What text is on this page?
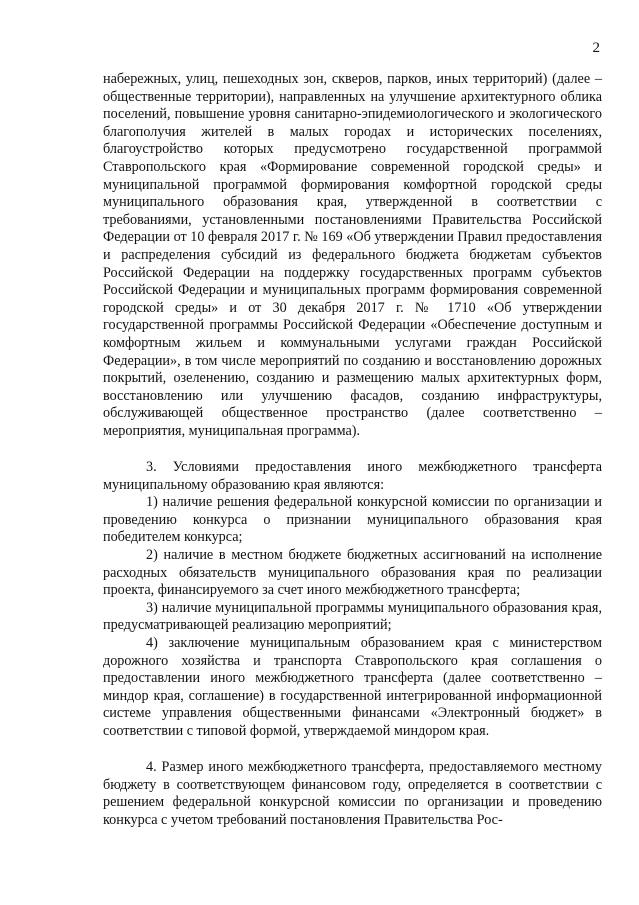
2

набережных, улиц, пешеходных зон, скверов, парков, иных территорий) (далее – общественные территории), направленных на улучшение архитектурного облика поселений, повышение уровня санитарно-эпидемиологического и экологического благополучия жителей в малых городах и исторических поселениях, благоустройство которых предусмотрено государственной программой Ставропольского края «Формирование современной городской среды» и муниципальной программой формирования комфортной городской среды муниципального образования края, утвержденной в соответствии с требованиями, установленными постановлениями Правительства Российской Федерации от 10 февраля 2017 г. № 169 «Об утверждении Правил предоставления и распределения субсидий из федерального бюджета бюджетам субъектов Российской Федерации на поддержку государственных программ субъектов Российской Федерации и муниципальных программ формирования современной городской среды» и от 30 декабря 2017 г. № 1710 «Об утверждении государственной программы Российской Федерации «Обеспечение доступным и комфортным жильем и коммунальными услугами граждан Российской Федерации», в том числе мероприятий по созданию и восстановлению дорожных покрытий, озеленению, созданию и размещению малых архитектурных форм, восстановлению или улучшению фасадов, созданию инфраструктуры, обслуживающей общественное пространство (далее соответственно – мероприятия, муниципальная программа).

3. Условиями предоставления иного межбюджетного трансферта муниципальному образованию края являются:

1) наличие решения федеральной конкурсной комиссии по организации и проведению конкурса о признании муниципального образования края победителем конкурса;

2) наличие в местном бюджете бюджетных ассигнований на исполнение расходных обязательств муниципального образования края по реализации проекта, финансируемого за счет иного межбюджетного трансферта;

3) наличие муниципальной программы муниципального образования края, предусматривающей реализацию мероприятий;

4) заключение муниципальным образованием края с министерством дорожного хозяйства и транспорта Ставропольского края соглашения о предоставлении иного межбюджетного трансферта (далее соответственно – миндор края, соглашение) в государственной интегрированной информационной системе управления общественными финансами «Электронный бюджет» в соответствии с типовой формой, утверждаемой миндором края.

4. Размер иного межбюджетного трансферта, предоставляемого местному бюджету в соответствующем финансовом году, определяется в соответствии с решением федеральной конкурсной комиссии по организации и проведению конкурса с учетом требований постановления Правительства Рос-
